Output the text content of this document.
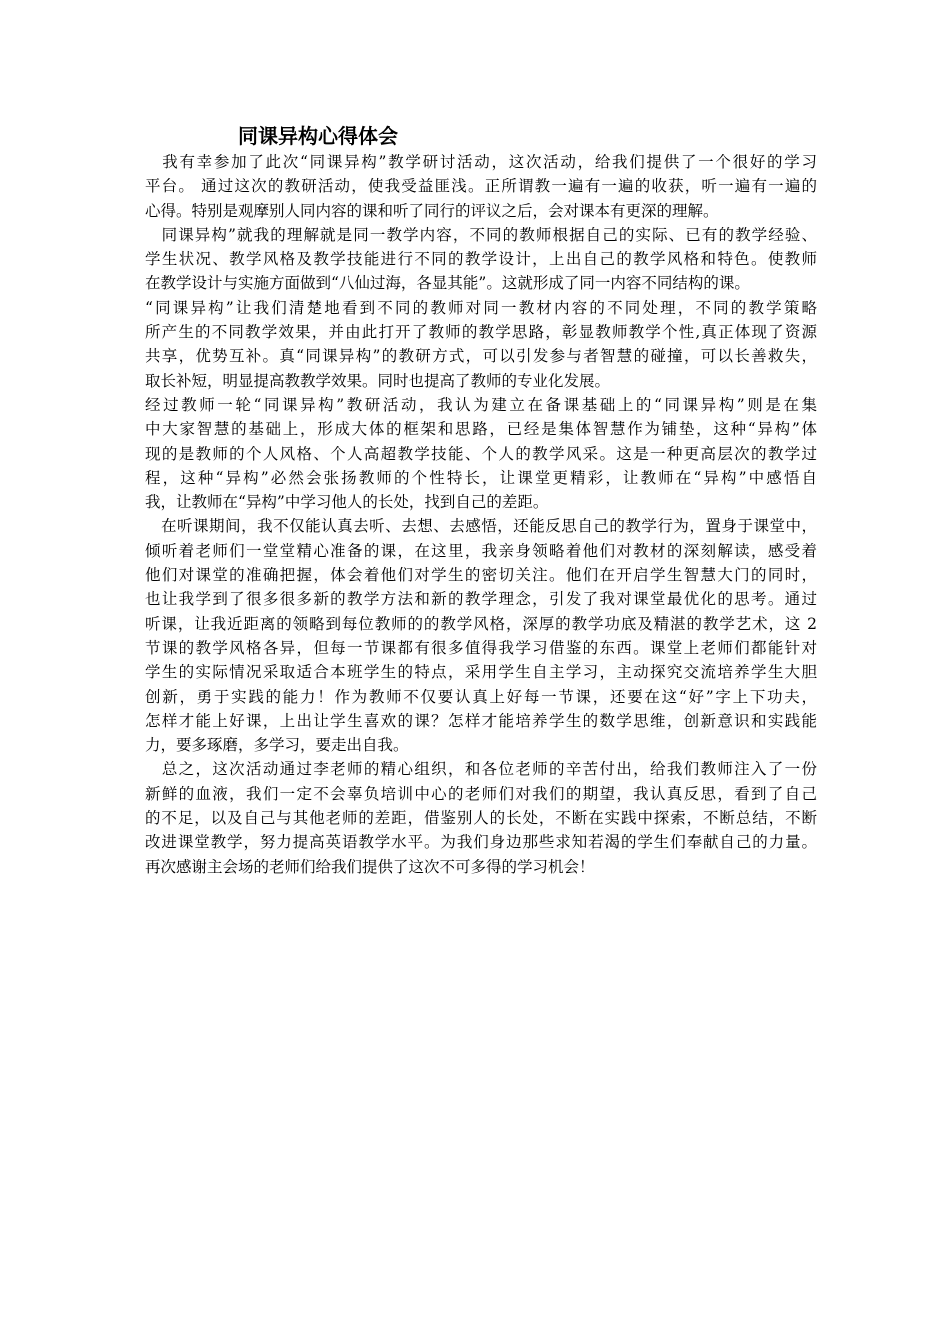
同课异构心得体会
　我有幸参加了此次“同课异构”教学研讨活动，这次活动，给我们提供了一个很好的学习
平台。 通过这次的教研活动，使我受益匪浅。正所谓教一遍有一遍的收获，听一遍有一遍的
心得。特别是观摩别人同内容的课和听了同行的评议之后，会对课本有更深的理解。
　同课异构”就我的理解就是同一教学内容，不同的教师根据自己的实际、已有的教学经验、
学生状况、教学风格及教学技能进行不同的教学设计，上出自己的教学风格和特色。使教师
在教学设计与实施方面做到“八仙过海，各显其能”。这就形成了同一内容不同结构的课。
“同课异构”让我们清楚地看到不同的教师对同一教材内容的不同处理，不同的教学策略
所产生的不同教学效果，并由此打开了教师的教学思路，彰显教师教学个性,真正体现了资源
共享，优势互补。真“同课异构”的教研方式，可以引发参与者智慧的碰撞，可以长善救失，
取长补短，明显提高教教学效果。同时也提高了教师的专业化发展。
经过教师一轮“同课异构”教研活动，我认为建立在备课基础上的“同课异构”则是在集
中大家智慧的基础上，形成大体的框架和思路，已经是集体智慧作为铺垫，这种“异构”体
现的是教师的个人风格、个人高超教学技能、个人的教学风采。这是一种更高层次的教学过
程，这种“异构”必然会张扬教师的个性特长，让课堂更精彩，让教师在“异构”中感悟自
我，让教师在“异构”中学习他人的长处，找到自己的差距。
　在听课期间，我不仅能认真去听、去想、去感悟，还能反思自己的教学行为，置身于课堂中，
倾听着老师们一堂堂精心准备的课，在这里，我亲身领略着他们对教材的深刻解读，感受着
他们对课堂的准确把握，体会着他们对学生的密切关注。他们在开启学生智慧大门的同时，
也让我学到了很多很多新的教学方法和新的教学理念，引发了我对课堂最优化的思考。通过
听课，让我近距离的领略到每位教师的的教学风格，深厚的教学功底及精湛的教学艺术，这 2
节课的教学风格各异，但每一节课都有很多值得我学习借鉴的东西。课堂上老师们都能针对
学生的实际情况采取适合本班学生的特点，采用学生自主学习，主动探究交流培养学生大胆
创新，勇于实践的能力！作为教师不仅要认真上好每一节课，还要在这“好”字上下功夫，
怎样才能上好课，上出让学生喜欢的课？怎样才能培养学生的数学思维，创新意识和实践能
力，要多琢磨，多学习，要走出自我。
　总之，这次活动通过李老师的精心组织，和各位老师的辛苦付出，给我们教师注入了一份
新鲜的血液，我们一定不会辜负培训中心的老师们对我们的期望，我认真反思，看到了自己
的不足，以及自己与其他老师的差距，借鉴别人的长处，不断在实践中探索，不断总结，不断
改进课堂教学，努力提高英语教学水平。为我们身边那些求知若渴的学生们奉献自己的力量。
再次感谢主会场的老师们给我们提供了这次不可多得的学习机会！
